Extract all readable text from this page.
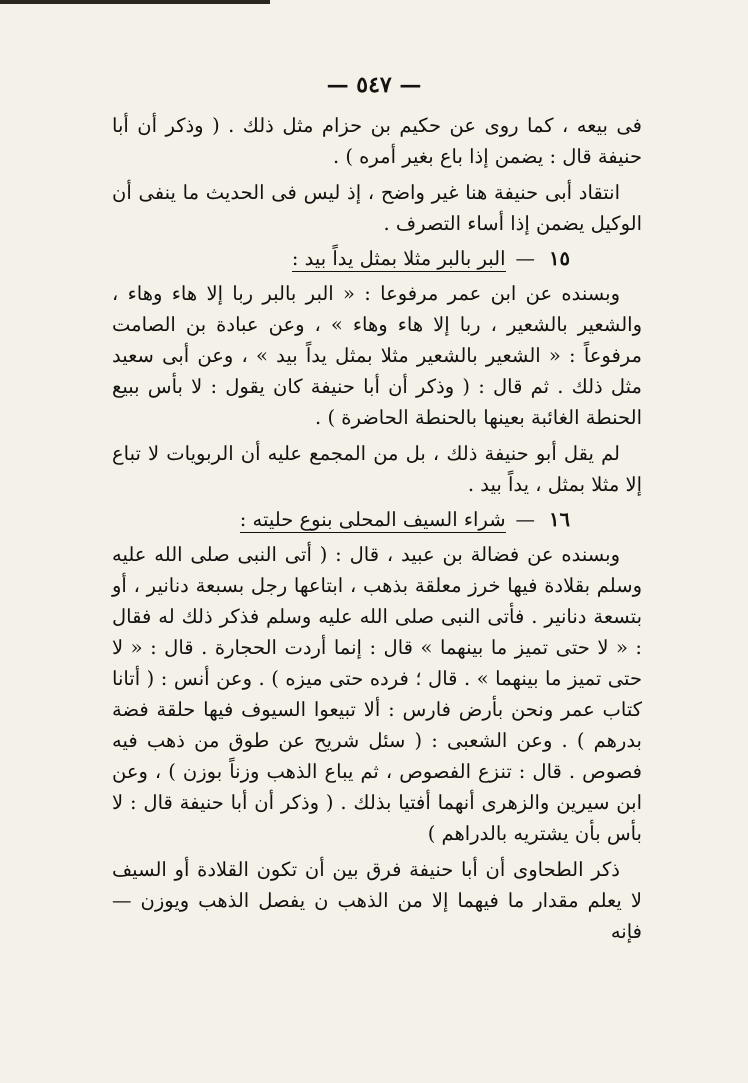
— ٥٤٧ —

فى بيعه ، كما روى عن حكيم بن حزام مثل ذلك . ( وذكر أن أبا حنيفة قال : يضمن إذا باع بغير أمره ) .

انتقاد أبى حنيفة هنا غير واضح ، إذ ليس فى الحديث ما ينفى أن الوكيل يضمن إذا أساء التصرف .

١٥—البر بالبر مثلا بمثل يداً بيد :

وبسنده عن ابن عمر مرفوعا : « البر بالبر ربا إلا هاء وهاء ، والشعير بالشعير ، ربا إلا هاء وهاء » ، وعن عبادة بن الصامت مرفوعاً : « الشعير بالشعير مثلا بمثل يداً بيد » ، وعن أبى سعيد مثل ذلك . ثم قال : ( وذكر أن أبا حنيفة كان يقول : لا بأس ببيع الحنطة الغائبة بعينها بالحنطة الحاضرة ) .

لم يقل أبو حنيفة ذلك ، بل من المجمع عليه أن الربويات لا تباع إلا مثلا بمثل ، يداً بيد .

١٦—شراء السيف المحلى بنوع حليته :

وبسنده عن فضالة بن عبيد ، قال : ( أتى النبى صلى الله عليه وسلم بقلادة فيها خرز معلقة بذهب ، ابتاعها رجل بسبعة دنانير ، أو بتسعة دنانير . فأتى النبى صلى الله عليه وسلم فذكر ذلك له فقال : « لا حتى تميز ما بينهما » قال : إنما أردت الحجارة . قال : « لا حتى تميز ما بينهما » . قال ؛ فرده حتى ميزه ) . وعن أنس : ( أتانا كتاب عمر ونحن بأرض فارس : ألا تبيعوا السيوف فيها حلقة فضة بدرهم ) . وعن الشعبى : ( سئل شريح عن طوق من ذهب فيه فصوص . قال : تنزع الفصوص ، ثم يباع الذهب وزناً بوزن ) ، وعن ابن سيرين والزهرى أنهما أفتيا بذلك . ( وذكر أن أبا حنيفة قال : لا بأس بأن يشتريه بالدراهم )

ذكر الطحاوى أن أبا حنيفة فرق بين أن تكون القلادة أو السيف لا يعلم مقدار ما فيهما إلا من الذهب ن يفصل الذهب ويوزن — فإنه
